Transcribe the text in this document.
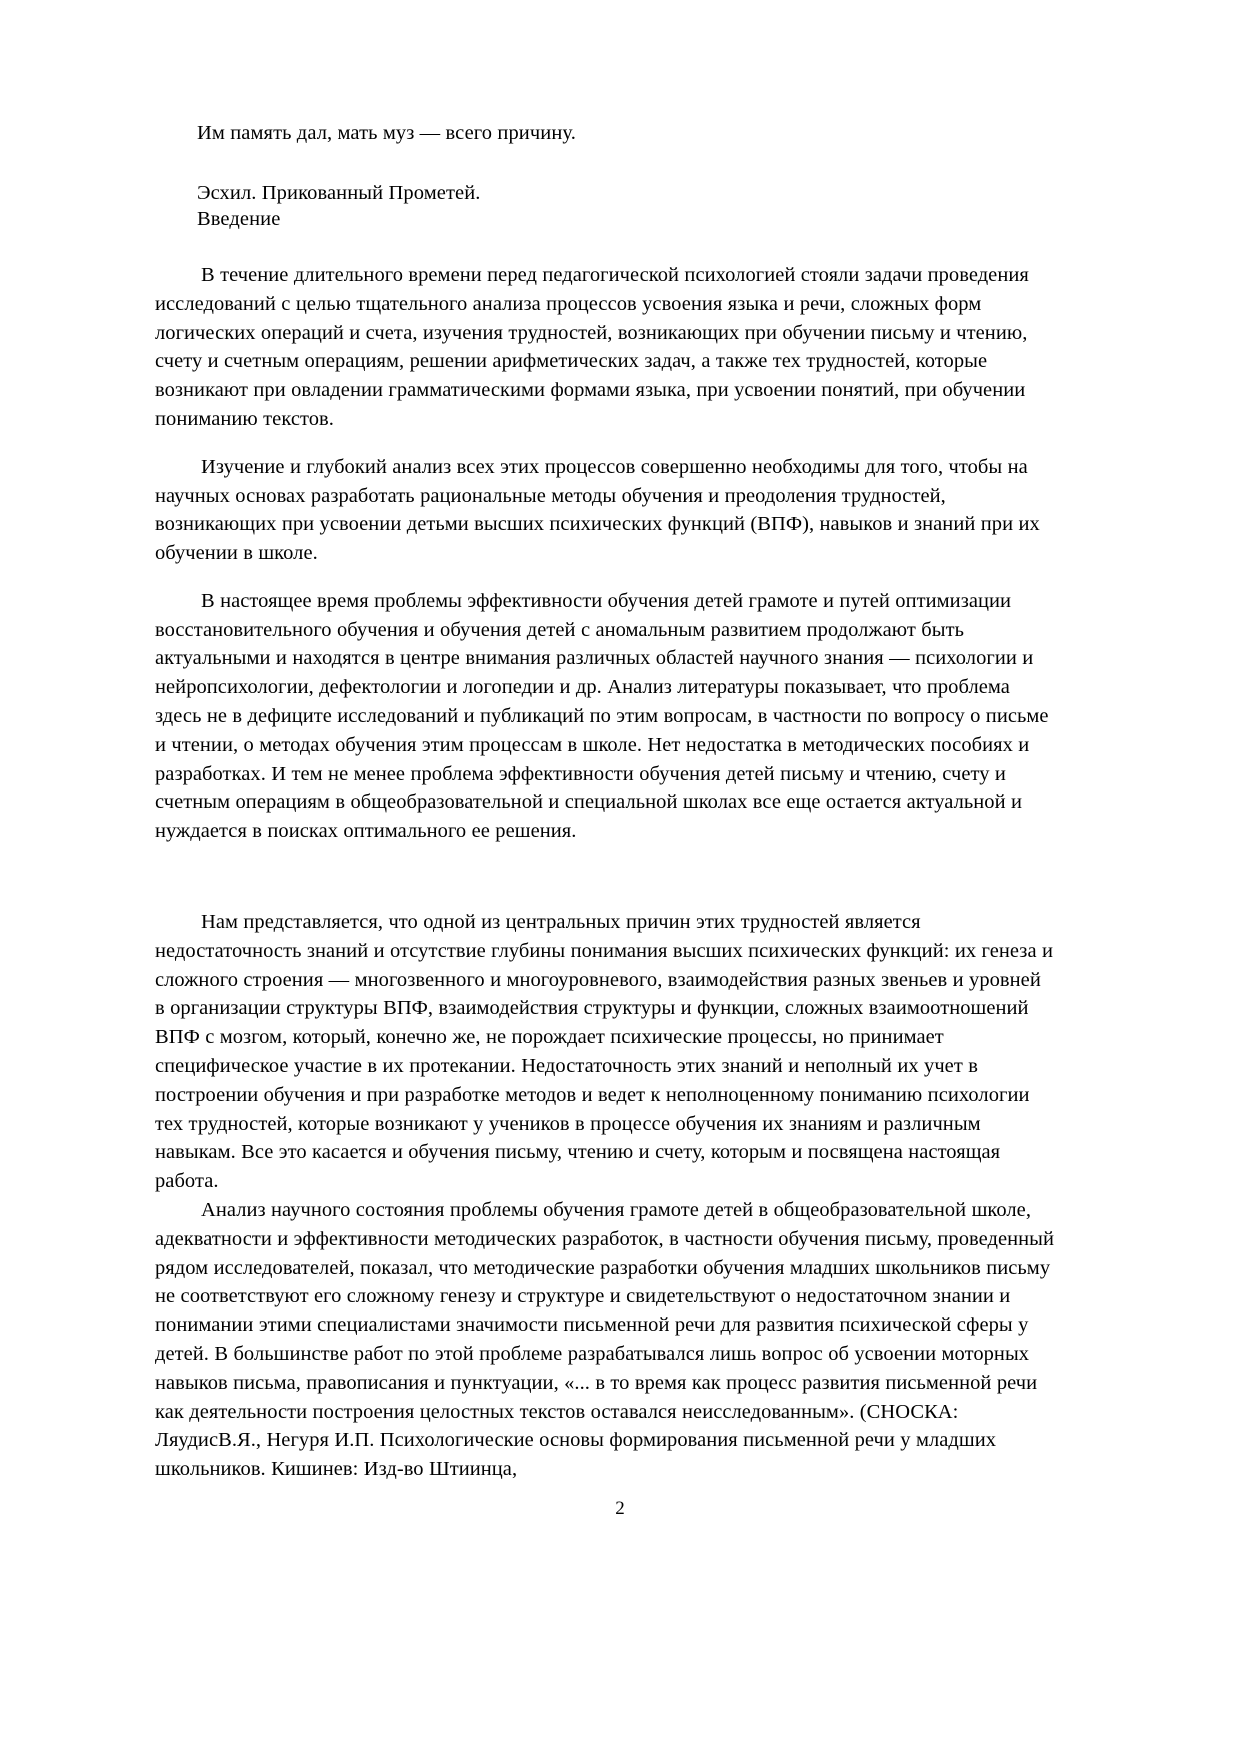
Им память дал, мать муз — всего причину.

Эсхил. Прикованный Прометей.

Введение

В течение длительного времени перед педагогической психологией стояли задачи проведения исследований с целью тщательного анализа процессов усвоения языка и речи, сложных форм логических операций и счета, изучения трудностей, возникающих при обучении письму и чтению, счету и счетным операциям, решении арифметических задач, а также тех трудностей, которые возникают при овладении грамматическими формами языка, при усвоении понятий, при обучении пониманию текстов.

Изучение и глубокий анализ всех этих процессов совершенно необходимы для того, чтобы на научных основах разработать рациональные методы обучения и преодоления трудностей, возникающих при усвоении детьми высших психических функций (ВПФ), навыков и знаний при их обучении в школе.

В настоящее время проблемы эффективности обучения детей грамоте и путей оптимизации восстановительного обучения и обучения детей с аномальным развитием продолжают быть актуальными и находятся в центре внимания различных областей научного знания — психологии и нейропсихологии, дефектологии и логопедии и др. Анализ литературы показывает, что проблема здесь не в дефиците исследований и публикаций по этим вопросам, в частности по вопросу о письме и чтении, о методах обучения этим процессам в школе. Нет недостатка в методических пособиях и разработках. И тем не менее проблема эффективности обучения детей письму и чтению, счету и счетным операциям в общеобразовательной и специальной школах все еще остается актуальной и нуждается в поисках оптимального ее решения.

Нам представляется, что одной из центральных причин этих трудностей является недостаточность знаний и отсутствие глубины понимания высших психических функций: их генеза и сложного строения — многозвенного и многоуровневого, взаимодействия разных звеньев и уровней в организации структуры ВПФ, взаимодействия структуры и функции, сложных взаимоотношений ВПФ с мозгом, который, конечно же, не порождает психические процессы, но принимает специфическое участие в их протекании. Недостаточность этих знаний и неполный их учет в построении обучения и при разработке методов и ведет к неполноценному пониманию психологии тех трудностей, которые возникают у учеников в процессе обучения их знаниям и различным навыкам. Все это касается и обучения письму, чтению и счету, которым и посвящена настоящая работа.

Анализ научного состояния проблемы обучения грамоте детей в общеобразовательной школе, адекватности и эффективности методических разработок, в частности обучения письму, проведенный рядом исследователей, показал, что методические разработки обучения младших школьников письму не соответствуют его сложному генезу и структуре и свидетельствуют о недостаточном знании и понимании этими специалистами значимости письменной речи для развития психической сферы у детей. В большинстве работ по этой проблеме разрабатывался лишь вопрос об усвоении моторных навыков письма, правописания и пунктуации, «... в то время как процесс развития письменной речи как деятельности построения целостных текстов оставался неисследованным». (СНОСКА: ЛяудисВ.Я., Негуря И.П. Психологические основы формирования письменной речи у младших школьников. Кишинев: Изд-во Штиинца,

2
